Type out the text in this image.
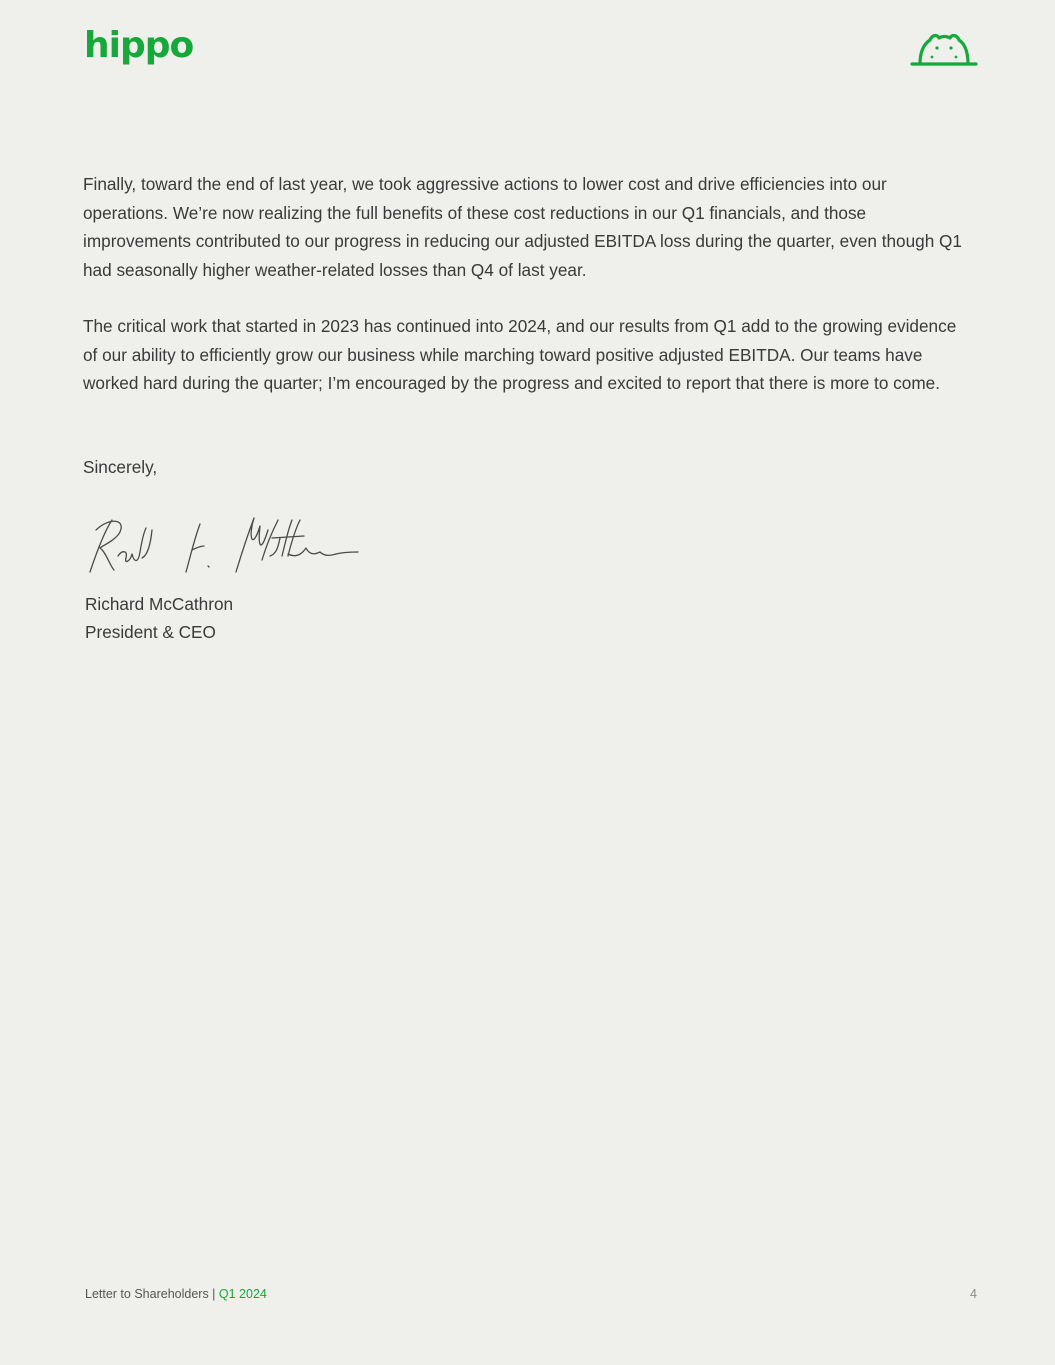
hippo

Finally, toward the end of last year, we took aggressive actions to lower cost and drive efficiencies into our operations. We’re now realizing the full benefits of these cost reductions in our Q1 financials, and those improvements contributed to our progress in reducing our adjusted EBITDA loss during the quarter, even though Q1 had seasonally higher weather-related losses than Q4 of last year.

The critical work that started in 2023 has continued into 2024, and our results from Q1 add to the growing evidence of our ability to efficiently grow our business while marching toward positive adjusted EBITDA. Our teams have worked hard during the quarter; I’m encouraged by the progress and excited to report that there is more to come.

Sincerely,
Richard McCathron
President & CEO
Letter to Shareholders | Q1 2024	4
